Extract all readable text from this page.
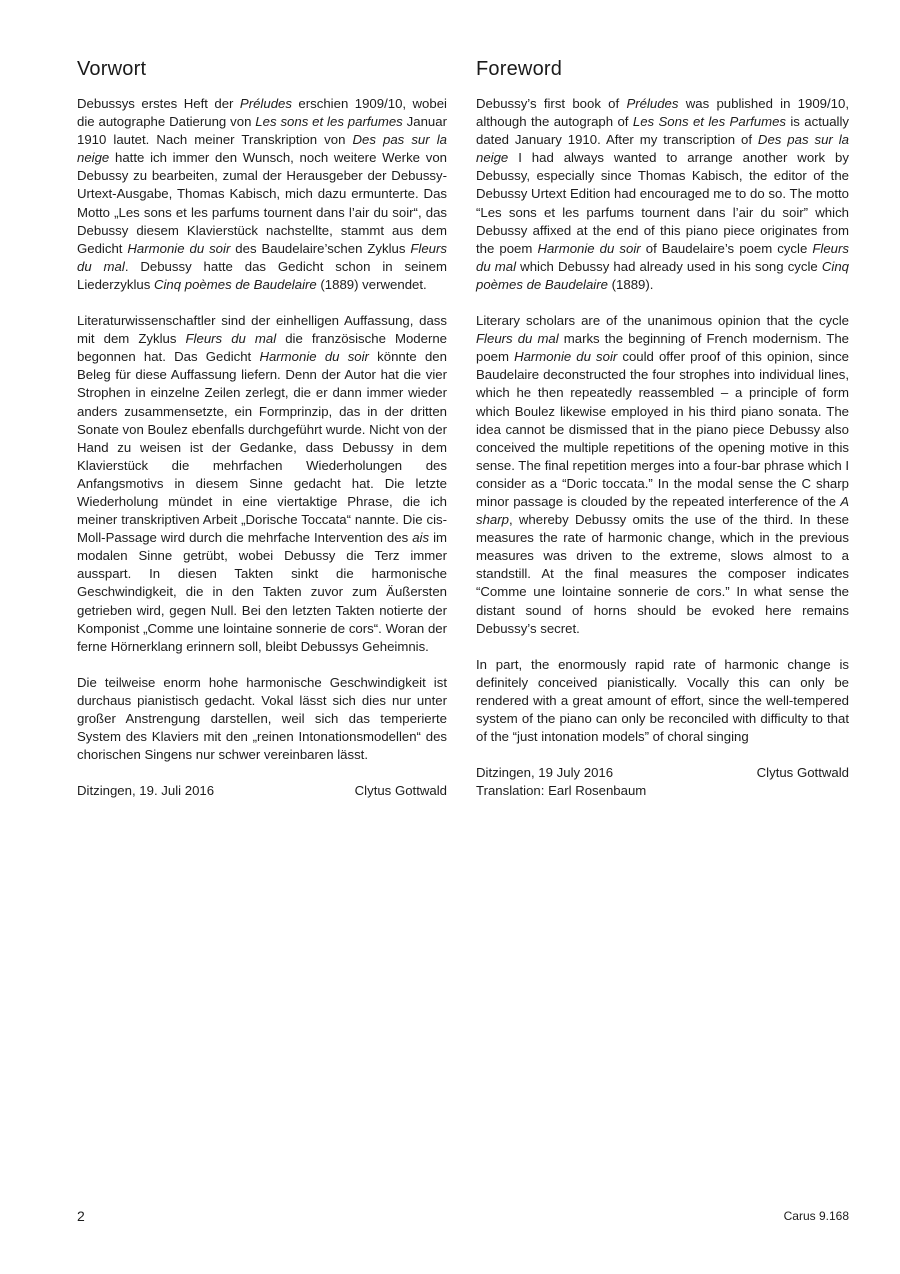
Vorwort

Debussys erstes Heft der Préludes erschien 1909/10, wobei die autographe Datierung von Les sons et les parfumes Januar 1910 lautet. Nach meiner Transkription von Des pas sur la neige hatte ich immer den Wunsch, noch weitere Werke von Debussy zu bearbeiten, zumal der Herausgeber der Debussy-Urtext-Ausgabe, Thomas Kabisch, mich dazu ermunterte. Das Motto „Les sons et les parfums tournent dans l’air du soir“, das Debussy diesem Klavierstück nachstellte, stammt aus dem Gedicht Harmonie du soir des Baudelaire’schen Zyklus Fleurs du mal. Debussy hatte das Gedicht schon in seinem Liederzyklus Cinq poèmes de Baudelaire (1889) verwendet.

Literaturwissenschaftler sind der einhelligen Auffassung, dass mit dem Zyklus Fleurs du mal die französische Moderne begonnen hat. Das Gedicht Harmonie du soir könnte den Beleg für diese Auffassung liefern. Denn der Autor hat die vier Strophen in einzelne Zeilen zerlegt, die er dann immer wieder anders zusammensetzte, ein Formprinzip, das in der dritten Sonate von Boulez ebenfalls durchgeführt wurde. Nicht von der Hand zu weisen ist der Gedanke, dass Debussy in dem Klavierstück die mehrfachen Wiederholungen des Anfangsmotivs in diesem Sinne gedacht hat. Die letzte Wiederholung mündet in eine viertaktige Phrase, die ich meiner transkriptiven Arbeit „Dorische Toccata“ nannte. Die cis-Moll-Passage wird durch die mehrfache Intervention des ais im modalen Sinne getrübt, wobei Debussy die Terz immer ausspart. In diesen Takten sinkt die harmonische Geschwindigkeit, die in den Takten zuvor zum Äußersten getrieben wird, gegen Null. Bei den letzten Takten notierte der Komponist „Comme une lointaine sonnerie de cors“. Woran der ferne Hörnerklang erinnern soll, bleibt Debussys Geheimnis.

Die teilweise enorm hohe harmonische Geschwindigkeit ist durchaus pianistisch gedacht. Vokal lässt sich dies nur unter großer Anstrengung darstellen, weil sich das temperierte System des Klaviers mit den „reinen Intonationsmodellen“ des chorischen Singens nur schwer vereinbaren lässt.

Ditzingen, 19. Juli 2016	Clytus Gottwald
Foreword

Debussy’s first book of Préludes was published in 1909/10, although the autograph of Les Sons et les Parfumes is actually dated January 1910. After my transcription of Des pas sur la neige I had always wanted to arrange another work by Debussy, especially since Thomas Kabisch, the editor of the Debussy Urtext Edition had encouraged me to do so. The motto “Les sons et les parfums tournent dans l’air du soir” which Debussy affixed at the end of this piano piece originates from the poem Harmonie du soir of Baudelaire’s poem cycle Fleurs du mal which Debussy had already used in his song cycle Cinq poèmes de Baudelaire (1889).

Literary scholars are of the unanimous opinion that the cycle Fleurs du mal marks the beginning of French modernism. The poem Harmonie du soir could offer proof of this opinion, since Baudelaire deconstructed the four strophes into individual lines, which he then repeatedly reassembled – a principle of form which Boulez likewise employed in his third piano sonata. The idea cannot be dismissed that in the piano piece Debussy also conceived the multiple repetitions of the opening motive in this sense. The final repetition merges into a four-bar phrase which I consider as a “Doric toccata.” In the modal sense the C sharp minor passage is clouded by the repeated interference of the A sharp, whereby Debussy omits the use of the third. In these measures the rate of harmonic change, which in the previous measures was driven to the extreme, slows almost to a standstill. At the final measures the composer indicates “Comme une lointaine sonnerie de cors.” In what sense the distant sound of horns should be evoked here remains Debussy’s secret.

In part, the enormously rapid rate of harmonic change is definitely conceived pianistically. Vocally this can only be rendered with a great amount of effort, since the well-tempered system of the piano can only be reconciled with difficulty to that of the “just intonation models” of choral singing

Ditzingen, 19 July 2016	Clytus Gottwald
Translation: Earl Rosenbaum
2	Carus 9.168
